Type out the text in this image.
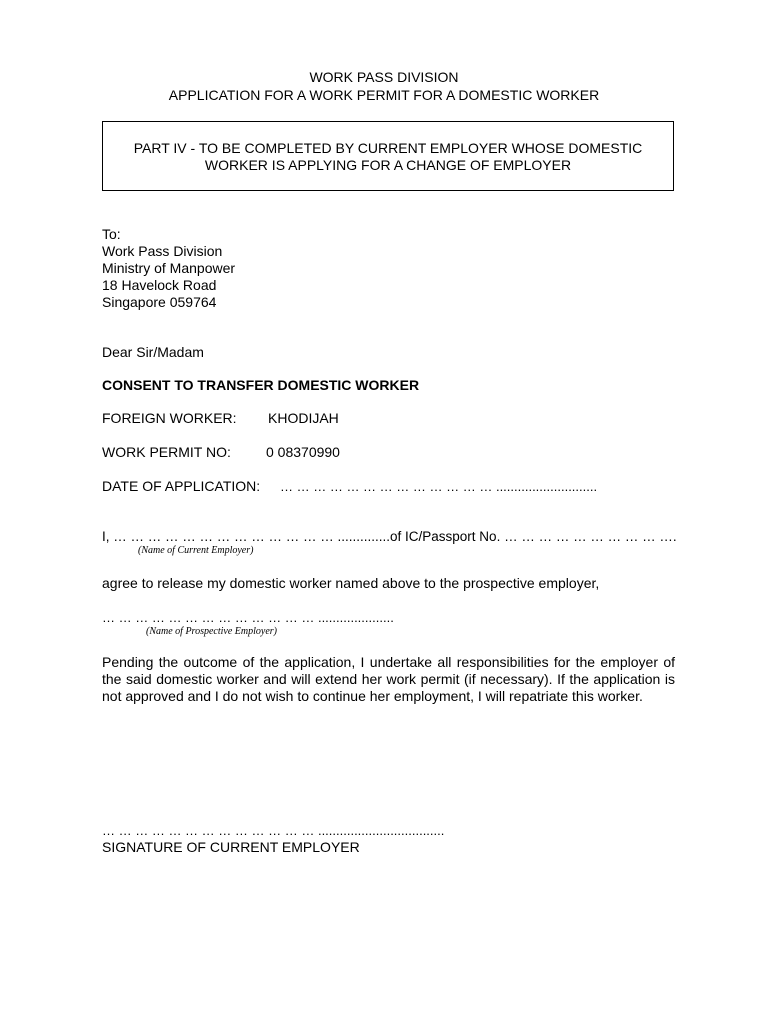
WORK PASS DIVISION
APPLICATION FOR A WORK PERMIT FOR A DOMESTIC WORKER
PART IV - TO BE COMPLETED BY CURRENT EMPLOYER WHOSE DOMESTIC
WORKER IS APPLYING FOR A CHANGE OF EMPLOYER
To:
Work Pass Division
Ministry of Manpower
18 Havelock Road
Singapore 059764
Dear Sir/Madam
CONSENT TO TRANSFER DOMESTIC WORKER
FOREIGN WORKER: KHODIJAH
WORK PERMIT NO:	0 08370990
DATE OF APPLICATION: … … … … … … … … … … … … … ............................
I, … … … … … … … … … … … … … ..............of IC/Passport No. … … … … … … … … … ….
(Name of Current Employer)
agree to release my domestic worker named above to the prospective employer,
… … … … … … … … … … … … … .....................
(Name of Prospective Employer)
Pending the outcome of the application, I undertake all responsibilities for the employer of the said domestic worker and will extend her work permit (if necessary). If the application is not approved and I do not wish to continue her employment, I will repatriate this worker.
… … … … … … … … … … … … … ...................................
SIGNATURE OF CURRENT EMPLOYER
